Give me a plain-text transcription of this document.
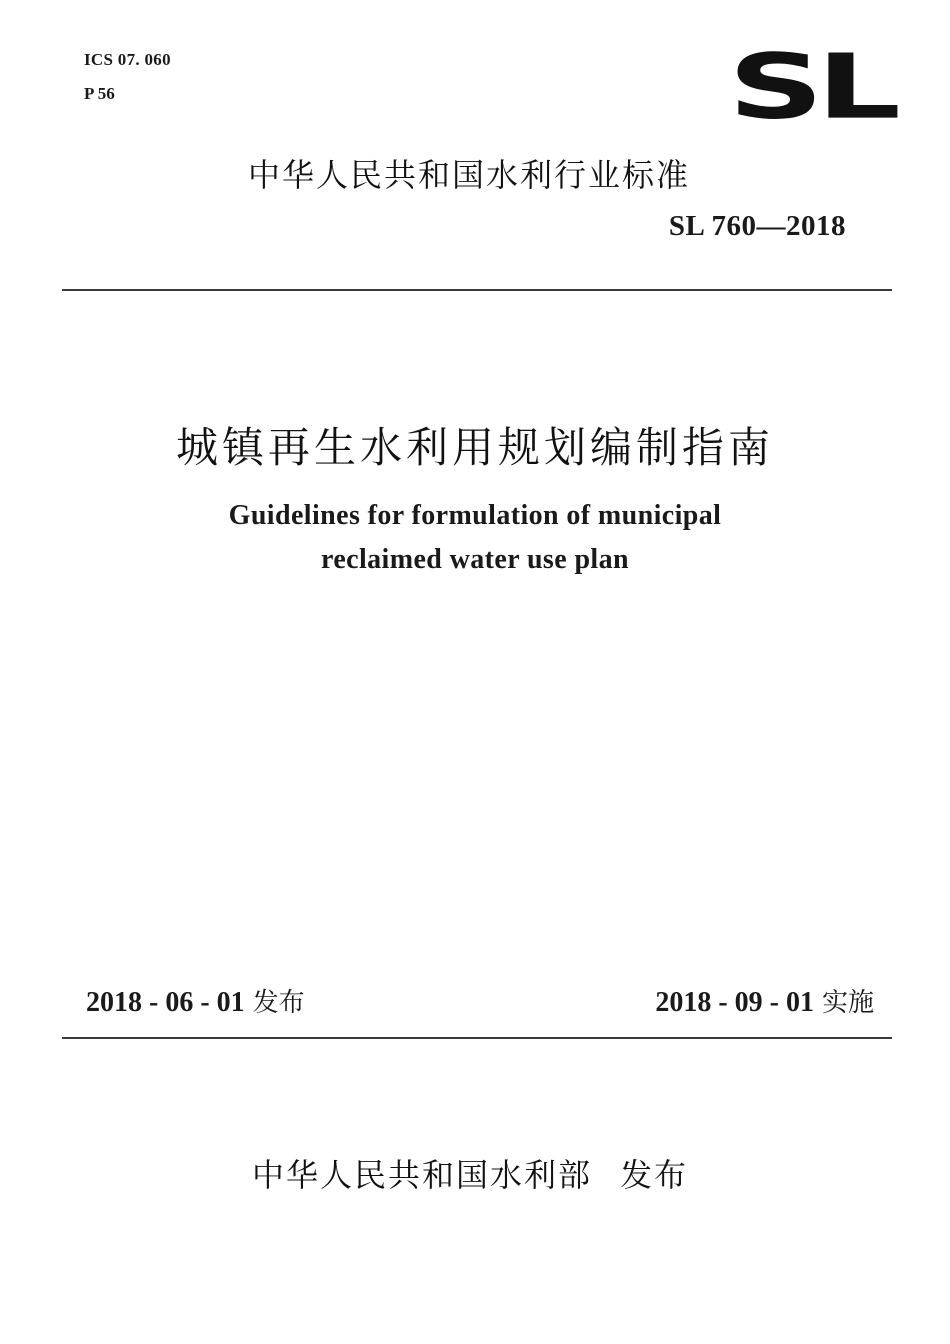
ICS 07. 060
P 56	SL
中华人民共和国水利行业标准
SL 760—2018
城镇再生水利用规划编制指南
Guidelines for formulation of municipal
reclaimed water use plan
2018 - 06 - 01 发布	2018 - 09 - 01 实施
中华人民共和国水利部 发布
